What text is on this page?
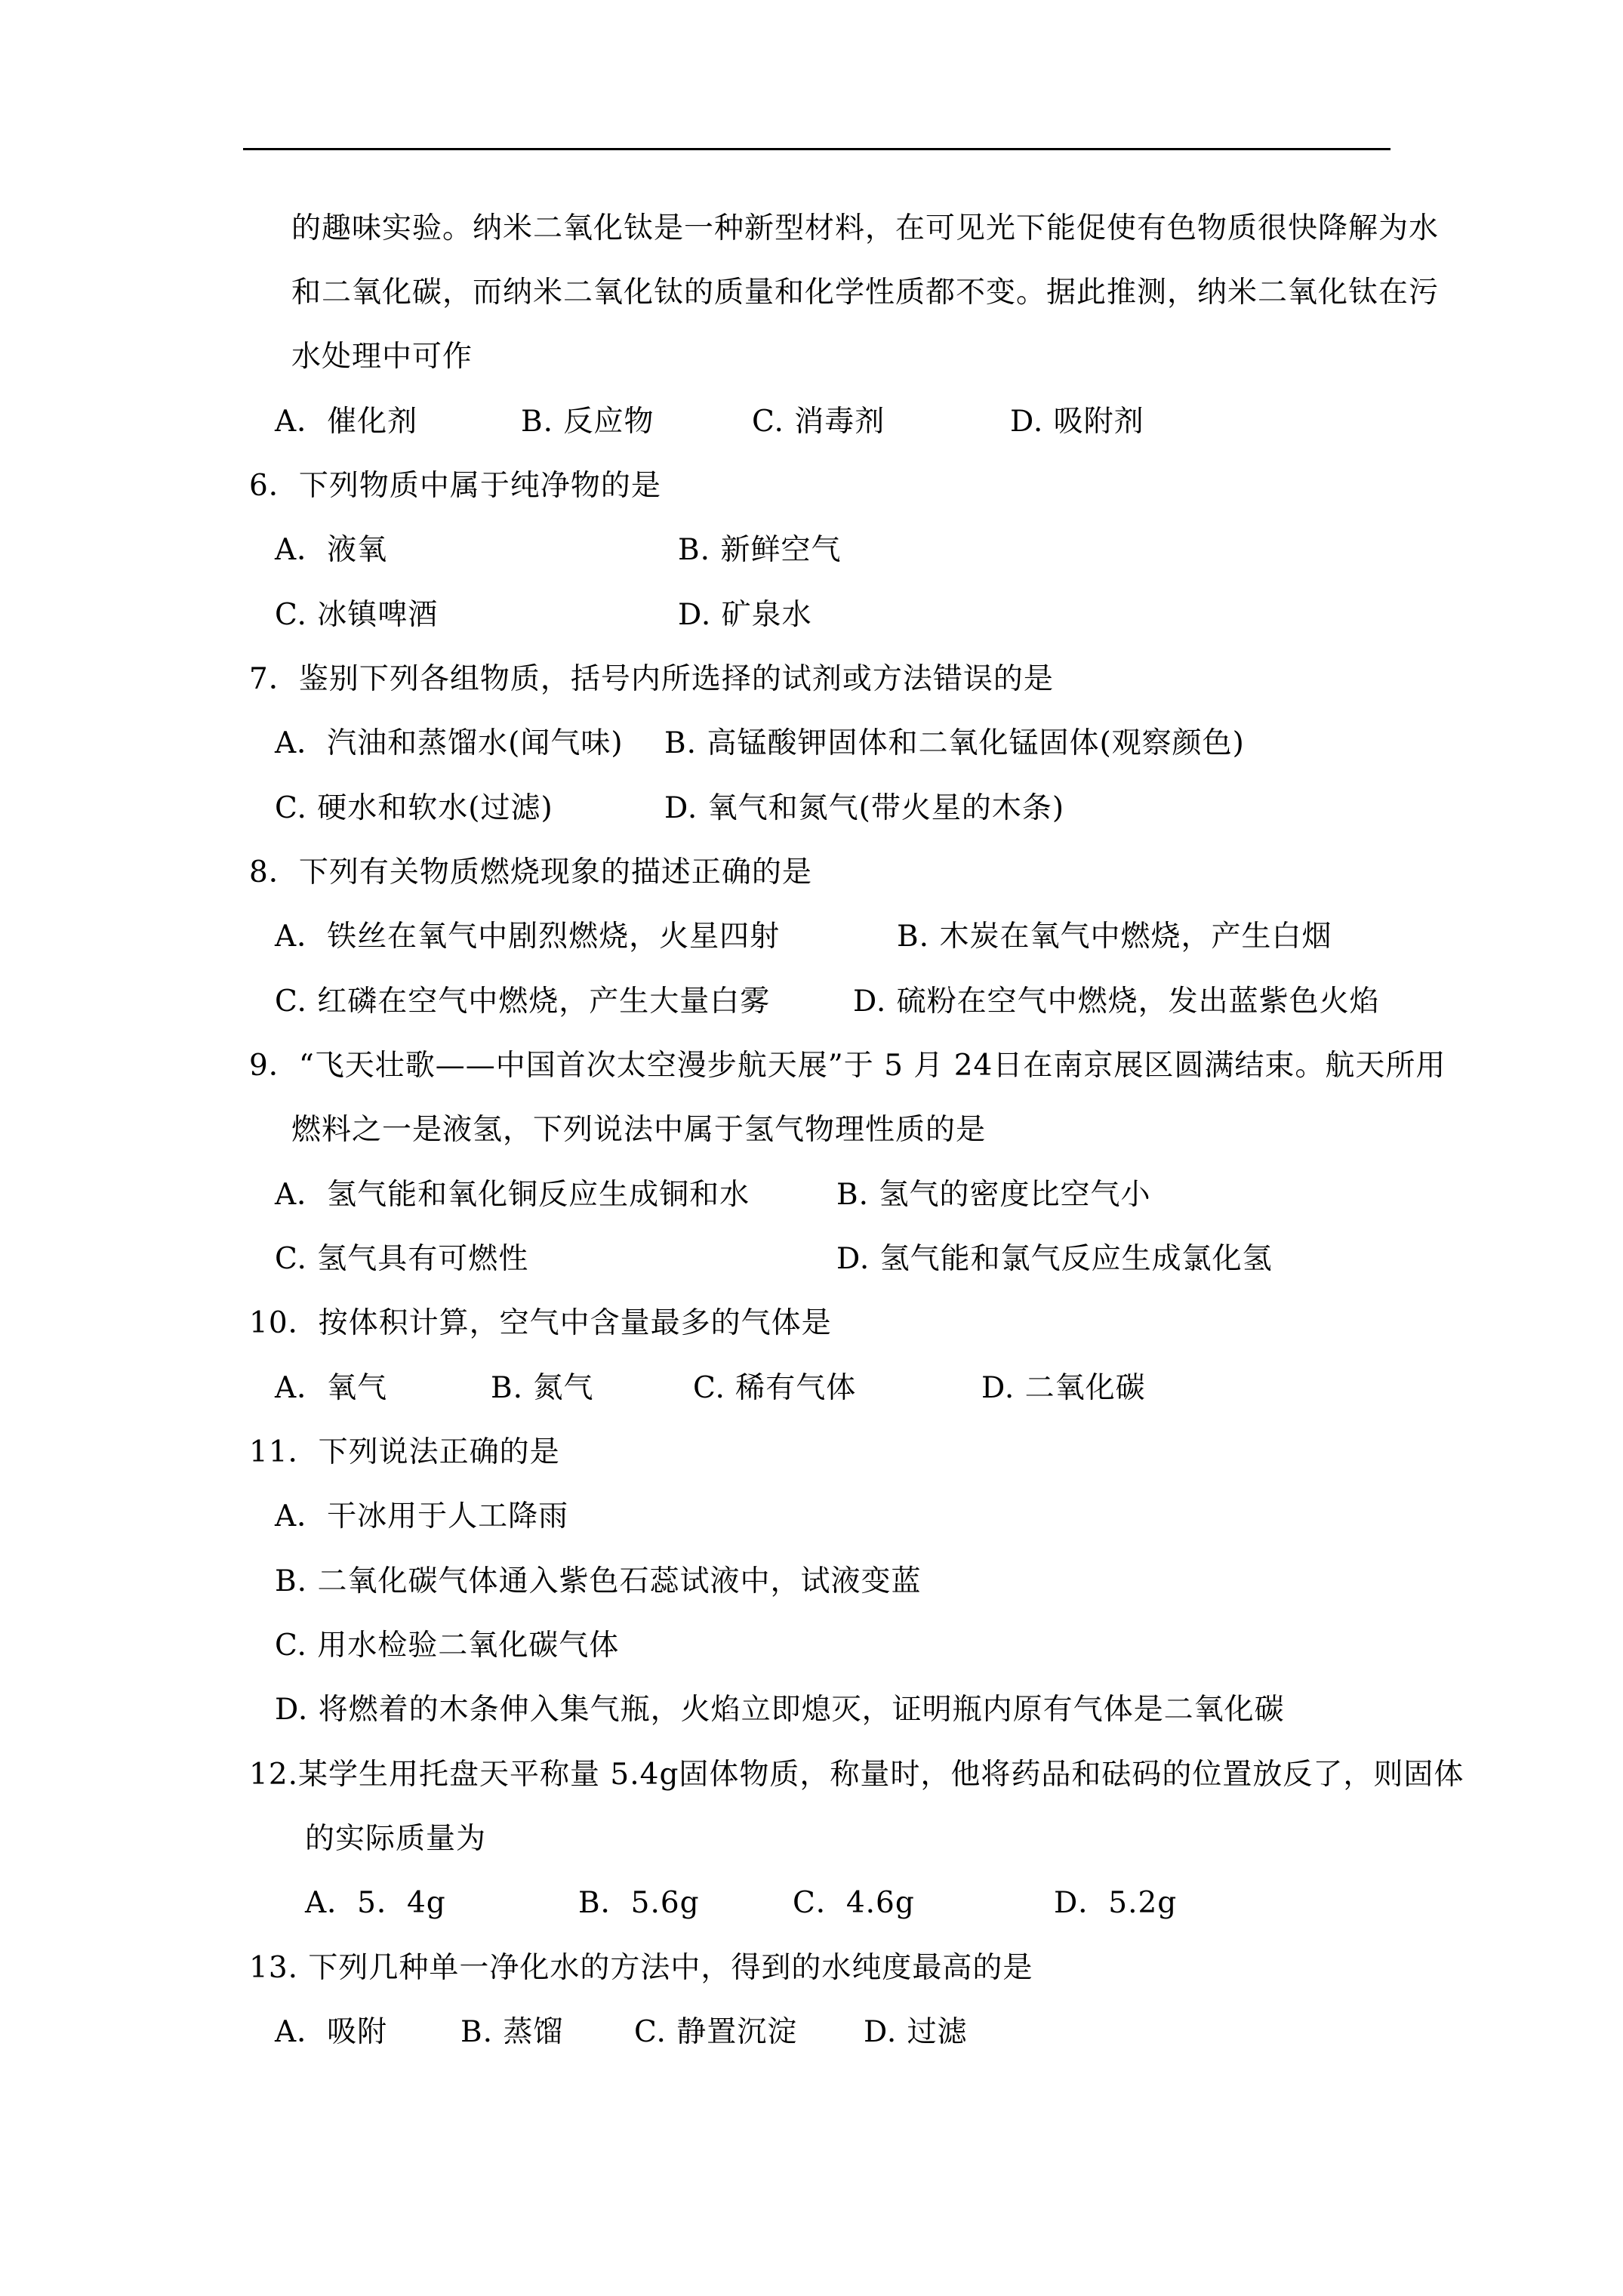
的趣味实验。纳米二氧化钛是一种新型材料，在可见光下能促使有色物质很快降解为水
和二氧化碳，而纳米二氧化钛的质量和化学性质都不变。据此推测，纳米二氧化钛在污
水处理中可作
A．催化剂	B. 反应物	C. 消毒剂	D. 吸附剂
6．下列物质中属于纯净物的是
A．液氧	B. 新鲜空气
C. 冰镇啤酒	D. 矿泉水
7．鉴别下列各组物质，括号内所选择的试剂或方法错误的是
A．汽油和蒸馏水(闻气味) B. 高锰酸钾固体和二氧化锰固体(观察颜色)
C. 硬水和软水(过滤)	D. 氧气和氮气(带火星的木条)
8．下列有关物质燃烧现象的描述正确的是
A．铁丝在氧气中剧烈燃烧，火星四射	B. 木炭在氧气中燃烧，产生白烟
C. 红磷在空气中燃烧，产生大量白雾	D. 硫粉在空气中燃烧，发出蓝紫色火焰
9．“飞天壮歌——中国首次太空漫步航天展”于 5 月 24日在南京展区圆满结束。航天所用
燃料之一是液氢，下列说法中属于氢气物理性质的是
A．氢气能和氧化铜反应生成铜和水	B. 氢气的密度比空气小
C. 氢气具有可燃性	D. 氢气能和氯气反应生成氯化氢
10．按体积计算，空气中含量最多的气体是
A．氧气	B. 氮气	C. 稀有气体	D. 二氧化碳
11．下列说法正确的是
A．干冰用于人工降雨
B. 二氧化碳气体通入紫色石蕊试液中，试液变蓝
C. 用水检验二氧化碳气体
D. 将燃着的木条伸入集气瓶，火焰立即熄灭，证明瓶内原有气体是二氧化碳
12.某学生用托盘天平称量 5.4g固体物质，称量时，他将药品和砝码的位置放反了，则固体
的实际质量为
A．5．4g	B．5.6g	C．4.6g	D．5.2g
13. 下列几种单一净化水的方法中，得到的水纯度最高的是
A．吸附 B. 蒸馏 C. 静置沉淀 D. 过滤
